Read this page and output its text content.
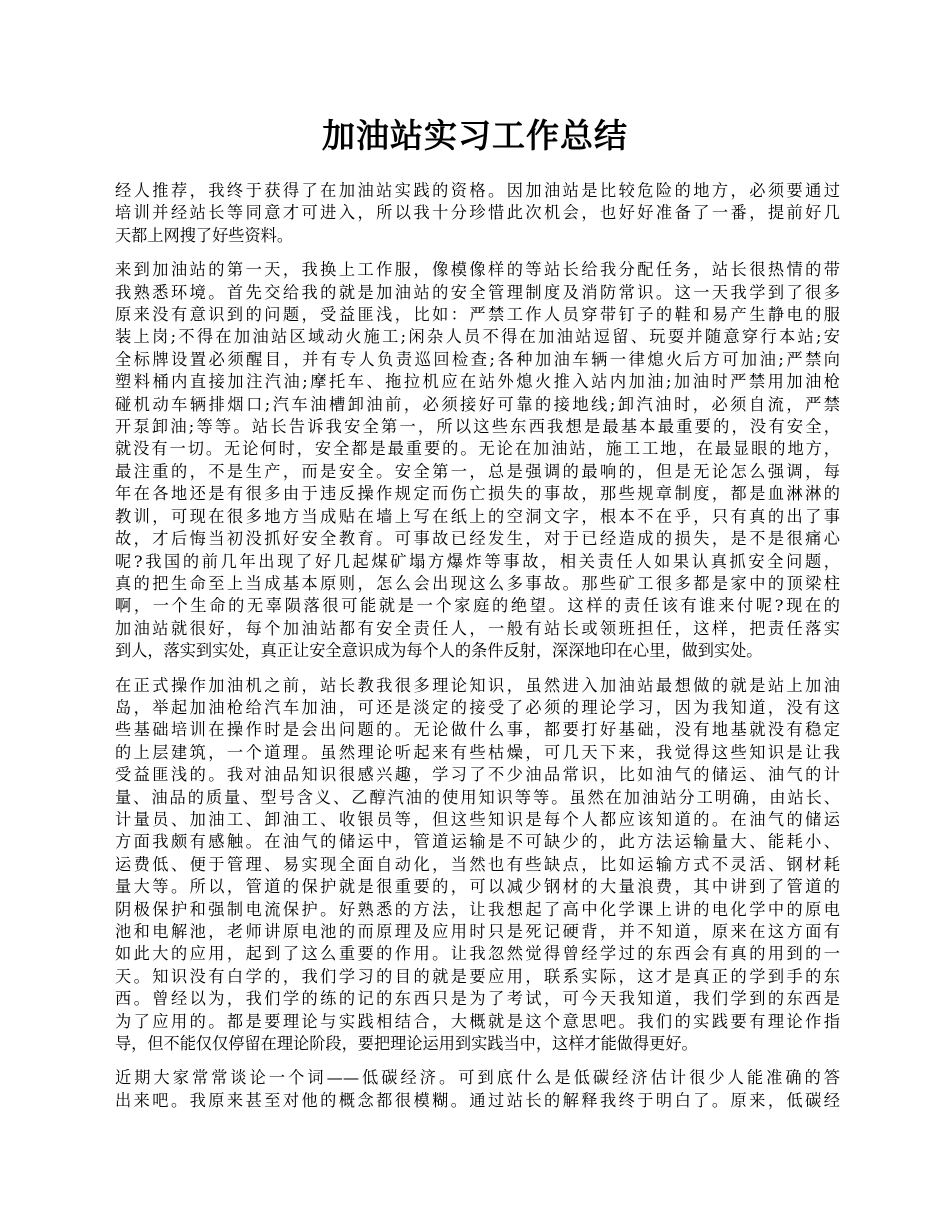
加油站实习工作总结

经人推荐，我终于获得了在加油站实践的资格。因加油站是比较危险的地方，必须要通过
培训并经站长等同意才可进入，所以我十分珍惜此次机会，也好好准备了一番，提前好几
天都上网搜了好些资料。

来到加油站的第一天，我换上工作服，像模像样的等站长给我分配任务，站长很热情的带
我熟悉环境。首先交给我的就是加油站的安全管理制度及消防常识。这一天我学到了很多
原来没有意识到的问题，受益匪浅，比如：严禁工作人员穿带钉子的鞋和易产生静电的服
装上岗;不得在加油站区域动火施工;闲杂人员不得在加油站逗留、玩耍并随意穿行本站;安
全标牌设置必须醒目，并有专人负责巡回检查;各种加油车辆一律熄火后方可加油;严禁向
塑料桶内直接加注汽油;摩托车、拖拉机应在站外熄火推入站内加油;加油时严禁用加油枪
碰机动车辆排烟口;汽车油槽卸油前，必须接好可靠的接地线;卸汽油时，必须自流，严禁
开泵卸油;等等。站长告诉我安全第一，所以这些东西我想是最基本最重要的，没有安全，
就没有一切。无论何时，安全都是最重要的。无论在加油站，施工工地，在最显眼的地方，
最注重的，不是生产，而是安全。安全第一，总是强调的最响的，但是无论怎么强调，每
年在各地还是有很多由于违反操作规定而伤亡损失的事故，那些规章制度，都是血淋淋的
教训，可现在很多地方当成贴在墙上写在纸上的空洞文字，根本不在乎，只有真的出了事
故，才后悔当初没抓好安全教育。可事故已经发生，对于已经造成的损失，是不是很痛心
呢?我国的前几年出现了好几起煤矿塌方爆炸等事故，相关责任人如果认真抓安全问题，
真的把生命至上当成基本原则，怎么会出现这么多事故。那些矿工很多都是家中的顶梁柱
啊，一个生命的无辜陨落很可能就是一个家庭的绝望。这样的责任该有谁来付呢?现在的
加油站就很好，每个加油站都有安全责任人，一般有站长或领班担任，这样，把责任落实
到人，落实到实处，真正让安全意识成为每个人的条件反射，深深地印在心里，做到实处。

在正式操作加油机之前，站长教我很多理论知识，虽然进入加油站最想做的就是站上加油
岛，举起加油枪给汽车加油，可还是淡定的接受了必须的理论学习，因为我知道，没有这
些基础培训在操作时是会出问题的。无论做什么事，都要打好基础，没有地基就没有稳定
的上层建筑，一个道理。虽然理论听起来有些枯燥，可几天下来，我觉得这些知识是让我
受益匪浅的。我对油品知识很感兴趣，学习了不少油品常识，比如油气的储运、油气的计
量、油品的质量、型号含义、乙醇汽油的使用知识等等。虽然在加油站分工明确，由站长、
计量员、加油工、卸油工、收银员等，但这些知识是每个人都应该知道的。在油气的储运
方面我颇有感触。在油气的储运中，管道运输是不可缺少的，此方法运输量大、能耗小、
运费低、便于管理、易实现全面自动化，当然也有些缺点，比如运输方式不灵活、钢材耗
量大等。所以，管道的保护就是很重要的，可以减少钢材的大量浪费，其中讲到了管道的
阴极保护和强制电流保护。好熟悉的方法，让我想起了高中化学课上讲的电化学中的原电
池和电解池，老师讲原电池的而原理及应用时只是死记硬背，并不知道，原来在这方面有
如此大的应用，起到了这么重要的作用。让我忽然觉得曾经学过的东西会有真的用到的一
天。知识没有白学的，我们学习的目的就是要应用，联系实际，这才是真正的学到手的东
西。曾经以为，我们学的练的记的东西只是为了考试，可今天我知道，我们学到的东西是
为了应用的。都是要理论与实践相结合，大概就是这个意思吧。我们的实践要有理论作指
导，但不能仅仅停留在理论阶段，要把理论运用到实践当中，这样才能做得更好。

近期大家常常谈论一个词——低碳经济。可到底什么是低碳经济估计很少人能准确的答
出来吧。我原来甚至对他的概念都很模糊。通过站长的解释我终于明白了。原来，低碳经
